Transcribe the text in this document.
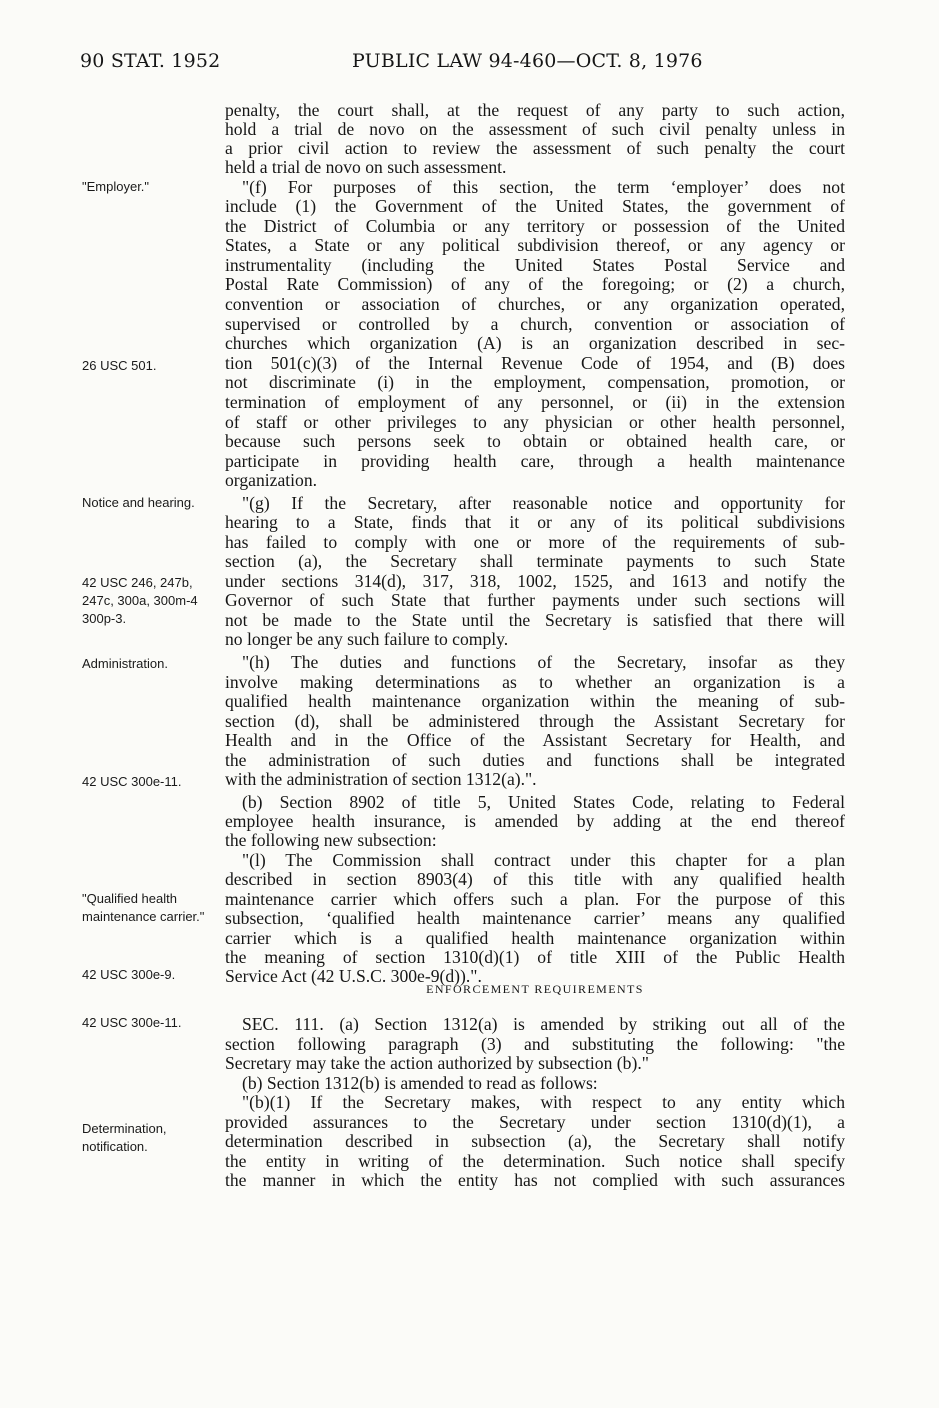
90 STAT. 1952	PUBLIC LAW 94-460—OCT. 8, 1976
"Employer."
26 USC 501.
Notice and hearing.
42 USC 246, 247b, 247c, 300a, 300m-4 300p-3.
Administration.
42 USC 300e-11.
"Qualified health maintenance carrier."
42 USC 300e-9.
42 USC 300e-11.
Determination, notification.
penalty, the court shall, at the request of any party to such action,
hold a trial de novo on the assessment of such civil penalty unless in
a prior civil action to review the assessment of such penalty the court
held a trial de novo on such assessment.
"(f) For purposes of this section, the term ‘employer’ does not
include (1) the Government of the United States, the government of
the District of Columbia or any territory or possession of the United
States, a State or any political subdivision thereof, or any agency or
instrumentality (including the United States Postal Service and
Postal Rate Commission) of any of the foregoing; or (2) a church,
convention or association of churches, or any organization operated,
supervised or controlled by a church, convention or association of
churches which organization (A) is an organization described in sec-
tion 501(c)(3) of the Internal Revenue Code of 1954, and (B) does
not discriminate (i) in the employment, compensation, promotion, or
termination of employment of any personnel, or (ii) in the extension
of staff or other privileges to any physician or other health personnel,
because such persons seek to obtain or obtained health care, or
participate in providing health care, through a health maintenance
organization.
"(g) If the Secretary, after reasonable notice and opportunity for
hearing to a State, finds that it or any of its political subdivisions
has failed to comply with one or more of the requirements of sub-
section (a), the Secretary shall terminate payments to such State
under sections 314(d), 317, 318, 1002, 1525, and 1613 and notify the
Governor of such State that further payments under such sections will
not be made to the State until the Secretary is satisfied that there will
no longer be any such failure to comply.
"(h) The duties and functions of the Secretary, insofar as they
involve making determinations as to whether an organization is a
qualified health maintenance organization within the meaning of sub-
section (d), shall be administered through the Assistant Secretary for
Health and in the Office of the Assistant Secretary for Health, and
the administration of such duties and functions shall be integrated
with the administration of section 1312(a).".
(b) Section 8902 of title 5, United States Code, relating to Federal
employee health insurance, is amended by adding at the end thereof
the following new subsection:
"(l) The Commission shall contract under this chapter for a plan
described in section 8903(4) of this title with any qualified health
maintenance carrier which offers such a plan. For the purpose of this
subsection, ‘qualified health maintenance carrier’ means any qualified
carrier which is a qualified health maintenance organization within
the meaning of section 1310(d)(1) of title XIII of the Public Health
Service Act (42 U.S.C. 300e-9(d)).".
ENFORCEMENT REQUIREMENTS
SEC. 111. (a) Section 1312(a) is amended by striking out all of the
section following paragraph (3) and substituting the following: "the
Secretary may take the action authorized by subsection (b)."
(b) Section 1312(b) is amended to read as follows:
"(b)(1) If the Secretary makes, with respect to any entity which
provided assurances to the Secretary under section 1310(d)(1), a
determination described in subsection (a), the Secretary shall notify
the entity in writing of the determination. Such notice shall specify
the manner in which the entity has not complied with such assurances
